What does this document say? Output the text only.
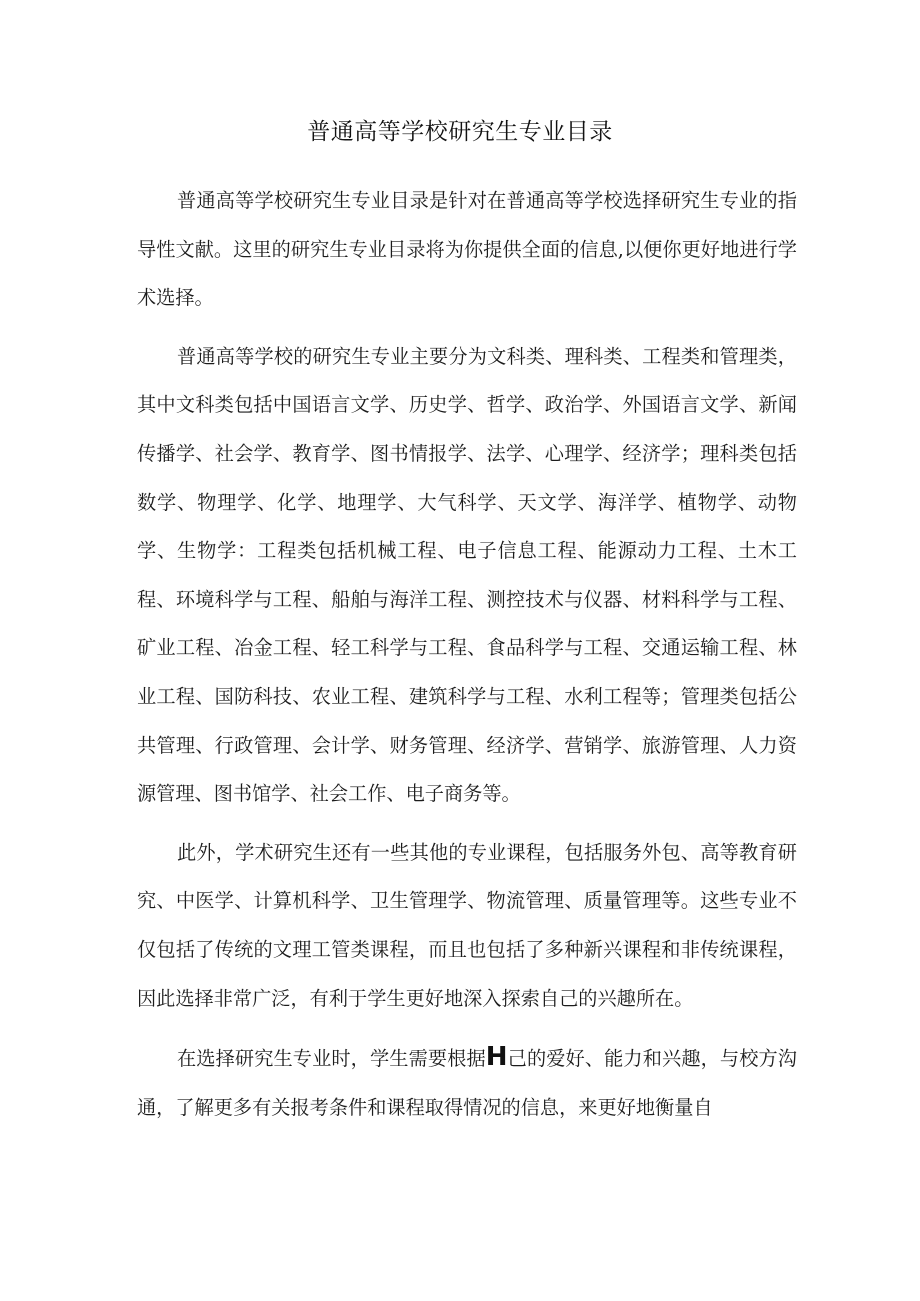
普通高等学校研究生专业目录

普通高等学校研究生专业目录是针对在普通高等学校选择研究生专业的指导性文献。这里的研究生专业目录将为你提供全面的信息,以便你更好地进行学术选择。

普通高等学校的研究生专业主要分为文科类、理科类、工程类和管理类，其中文科类包括中国语言文学、历史学、哲学、政治学、外国语言文学、新闻传播学、社会学、教育学、图书情报学、法学、心理学、经济学；理科类包括数学、物理学、化学、地理学、大气科学、天文学、海洋学、植物学、动物学、生物学：工程类包括机械工程、电子信息工程、能源动力工程、土木工程、环境科学与工程、船舶与海洋工程、测控技术与仪器、材料科学与工程、矿业工程、冶金工程、轻工科学与工程、食品科学与工程、交通运输工程、林业工程、国防科技、农业工程、建筑科学与工程、水利工程等；管理类包括公共管理、行政管理、会计学、财务管理、经济学、营销学、旅游管理、人力资源管理、图书馆学、社会工作、电子商务等。

此外，学术研究生还有一些其他的专业课程，包括服务外包、高等教育研究、中医学、计算机科学、卫生管理学、物流管理、质量管理等。这些专业不仅包括了传统的文理工管类课程，而且也包括了多种新兴课程和非传统课程，因此选择非常广泛，有利于学生更好地深入探索自己的兴趣所在。

在选择研究生专业时，学生需要根据H己的爱好、能力和兴趣，与校方沟通，了解更多有关报考条件和课程取得情况的信息，来更好地衡量自
